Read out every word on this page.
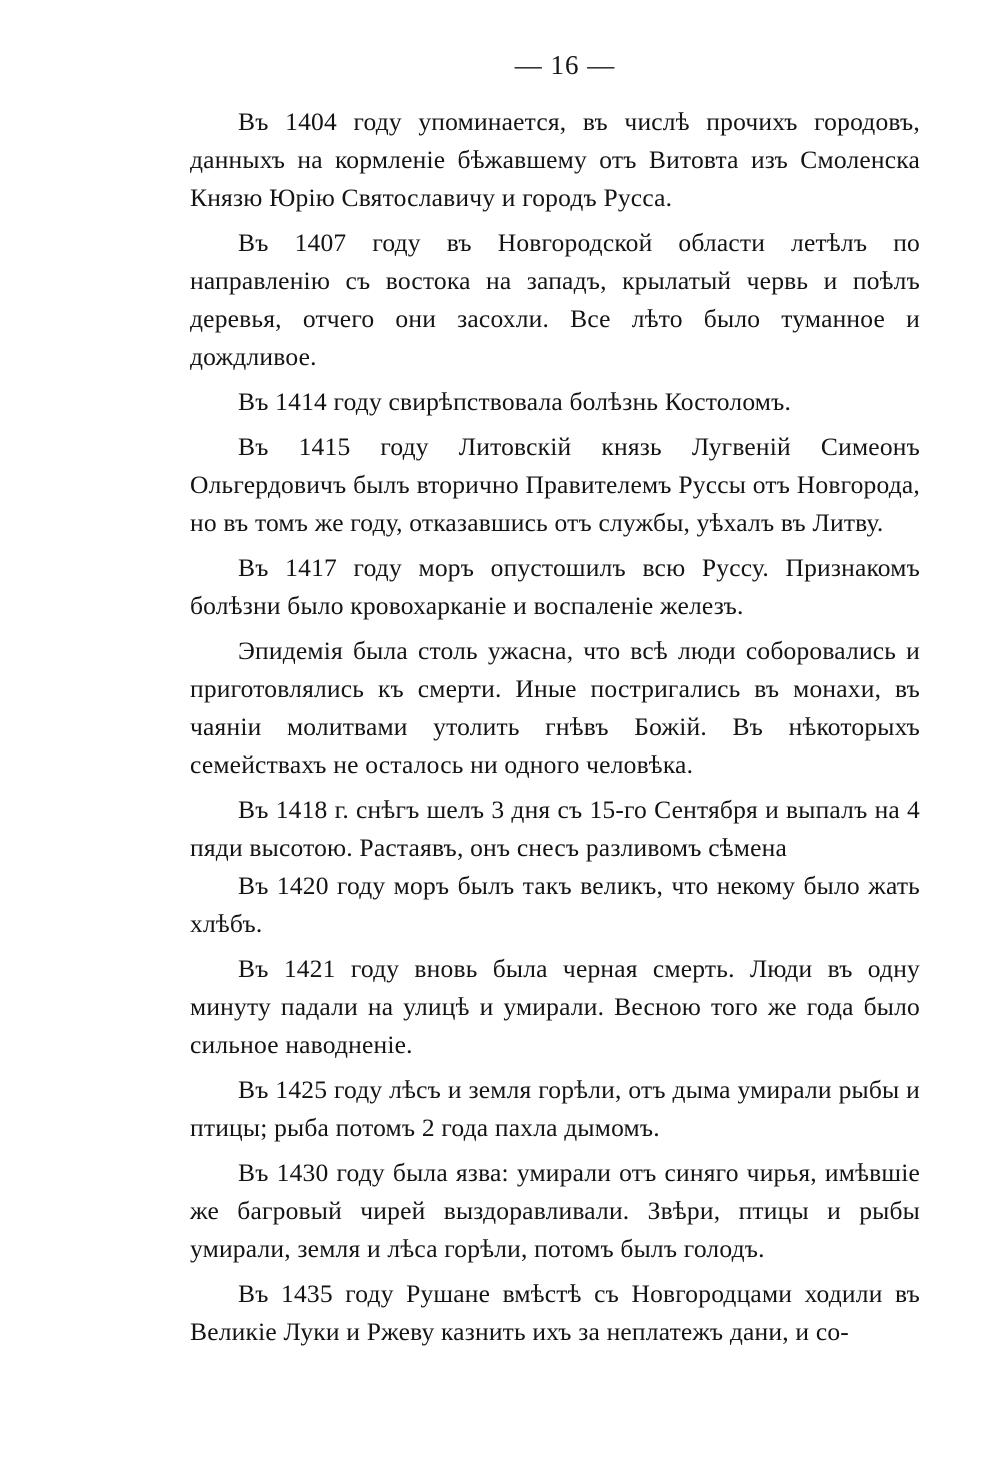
— 16 —

Въ 1404 году упоминается, въ числѣ прочихъ городовъ, данныхъ на кормленіе бѣжавшему отъ Витовта изъ Смоленска Князю Юрію Святославичу и городъ Русса.

Въ 1407 году въ Новгородской области летѣлъ по направленію съ востока на западъ, крылатый червь и поѣлъ деревья, отчего они засохли. Все лѣто было туманное и дождливое.

Въ 1414 году свирѣпствовала болѣзнь Костоломъ.

Въ 1415 году Литовскій князь Лугвеній Симеонъ Ольгердовичъ былъ вторично Правителемъ Руссы отъ Новгорода, но въ томъ же году, отказавшись отъ службы, уѣхалъ въ Литву.

Въ 1417 году моръ опустошилъ всю Руссу. Признакомъ болѣзни было кровохарканіе и воспаленіе железъ.

Эпидемія была столь ужасна, что всѣ люди соборовались и приготовлялись къ смерти. Иные постригались въ монахи, въ чаяніи молитвами утолить гнѣвъ Божій. Въ нѣкоторыхъ семействахъ не осталось ни одного человѣка.

Въ 1418 г. снѣгъ шелъ 3 дня съ 15-го Сентября и выпалъ на 4 пяди высотою. Растаявъ, онъ снесъ разливомъ сѣмена

Въ 1420 году моръ былъ такъ великъ, что некому было жать хлѣбъ.

Въ 1421 году вновь была черная смерть. Люди въ одну минуту падали на улицѣ и умирали. Весною того же года было сильное наводненіе.

Въ 1425 году лѣсъ и земля горѣли, отъ дыма умирали рыбы и птицы; рыба потомъ 2 года пахла дымомъ.

Въ 1430 году была язва: умирали отъ синяго чирья, имѣвшіе же багровый чирей выздоравливали. Звѣри, птицы и рыбы умирали, земля и лѣса горѣли, потомъ былъ голодъ.

Въ 1435 году Рушане вмѣстѣ съ Новгородцами ходили въ Великіе Луки и Ржеву казнить ихъ за неплатежъ дани, и со-
